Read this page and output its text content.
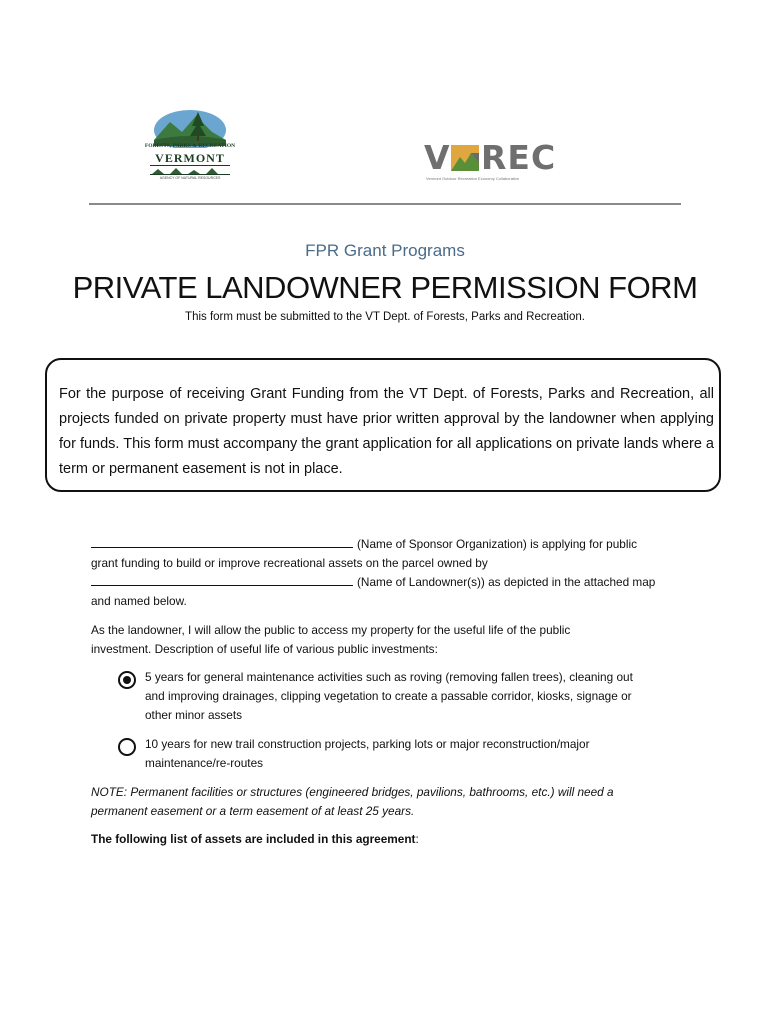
FORESTS, PARKS & RECREATION
VERMONT
AGENCY OF NATURAL RESOURCES
V REC
Vermont Outdoor Recreation Economy Collaborative
FPR Grant Programs
PRIVATE LANDOWNER PERMISSION FORM
This form must be submitted to the VT Dept. of Forests, Parks and Recreation.
For the purpose of receiving Grant Funding from the VT Dept. of Forests, Parks and Recreation, all projects funded on private property must have prior written approval by the landowner when applying for funds. This form must accompany the grant application for all applications on private lands where a term or permanent easement is not in place.
(Name of Sponsor Organization) is applying for public
grant funding to build or improve recreational assets on the parcel owned by
(Name of Landowner(s)) as depicted in the attached map
and named below.
As the landowner, I will allow the public to access my property for the useful life of the public
investment. Description of useful life of various public investments:
5 years for general maintenance activities such as roving (removing fallen trees), cleaning out
and improving drainages, clipping vegetation to create a passable corridor, kiosks, signage or
other minor assets
10 years for new trail construction projects, parking lots or major reconstruction/major
maintenance/re-routes
NOTE: Permanent facilities or structures (engineered bridges, pavilions, bathrooms, etc.) will need a
permanent easement or a term easement of at least 25 years.
The following list of assets are included in this agreement:
